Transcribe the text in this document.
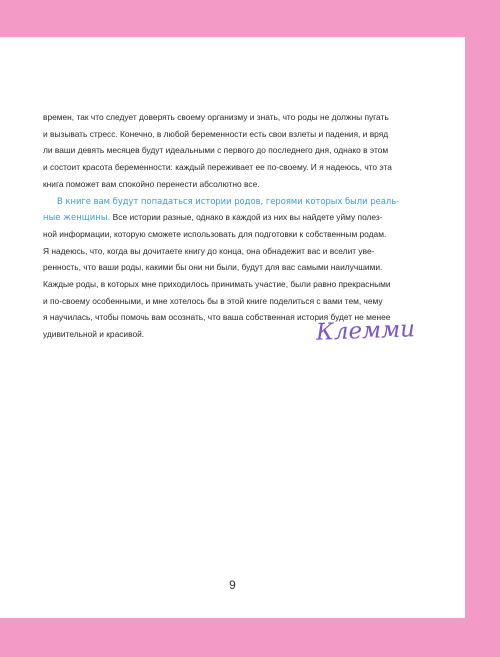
времен, так что следует доверять своему организму и знать, что роды не должны пугать
и вызывать стресс. Конечно, в любой беременности есть свои взлеты и падения, и вряд
ли ваши девять месяцев будут идеальными с первого до последнего дня, однако в этом
и состоит красота беременности: каждый переживает ее по-своему. И я надеюсь, что эта
книга поможет вам спокойно перенести абсолютно все.
В книге вам будут попадаться истории родов, героями которых были реаль-
ные женщины. Все истории разные, однако в каждой из них вы найдете уйму полез-
ной информации, которую сможете использовать для подготовки к собственным родам.
Я надеюсь, что, когда вы дочитаете книгу до конца, она обнадежит вас и вселит уве-
ренность, что ваши роды, какими бы они ни были, будут для вас самыми наилучшими.
Каждые роды, в которых мне приходилось принимать участие, были равно прекрасными
и по-своему особенными, и мне хотелось бы в этой книге поделиться с вами тем, чему
я научилась, чтобы помочь вам осознать, что ваша собственная история будет не менее
удивительной и красивой.	Клемми
9
